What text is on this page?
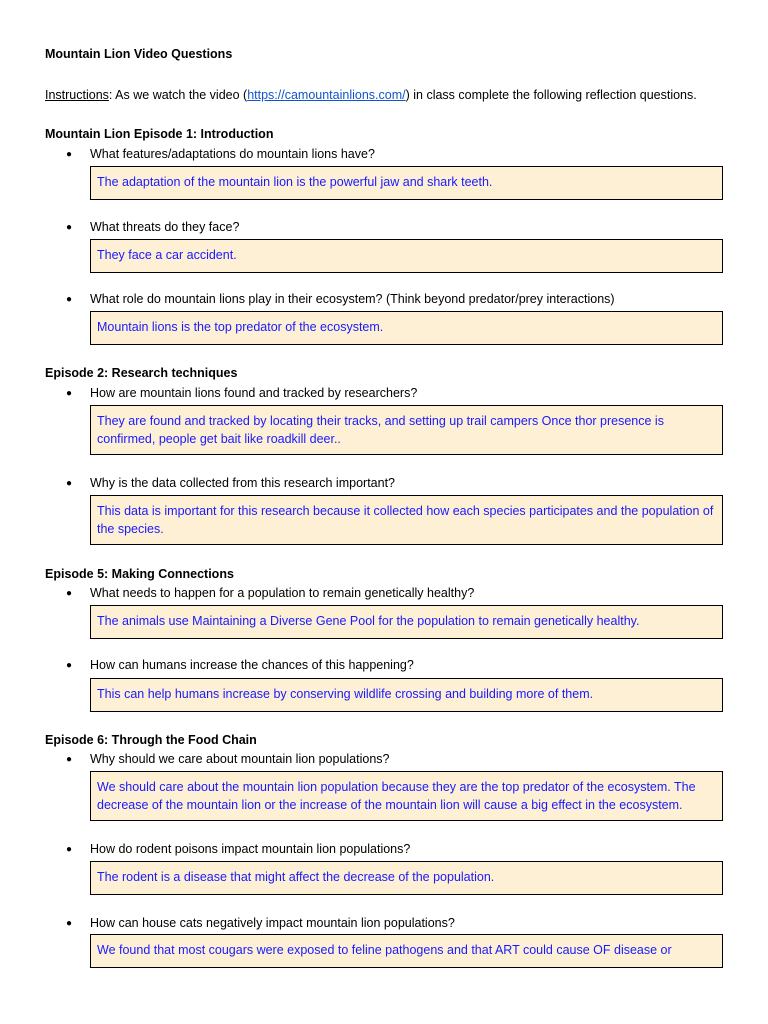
Mountain Lion Video Questions
Instructions: As we watch the video (https://camountainlions.com/) in class complete the following reflection questions.
Mountain Lion Episode 1: Introduction
● What features/adaptations do mountain lions have?
The adaptation of the mountain lion is the powerful jaw and shark teeth.
● What threats do they face?
They face a car accident.
● What role do mountain lions play in their ecosystem? (Think beyond predator/prey interactions)
Mountain lions is the top predator of the ecosystem.
Episode 2: Research techniques
● How are mountain lions found and tracked by researchers?
They are found and tracked by locating their tracks, and setting up trail campers Once thor presence is confirmed, people get bait like roadkill deer..
● Why is the data collected from this research important?
This data is important for this research because it collected how each species participates and the population of the species.
Episode 5: Making Connections
● What needs to happen for a population to remain genetically healthy?
The animals use Maintaining a Diverse Gene Pool for the population to remain genetically healthy.
● How can humans increase the chances of this happening?
This can help humans increase by conserving wildlife crossing and building more of them.
Episode 6: Through the Food Chain
● Why should we care about mountain lion populations?
We should care about the mountain lion population because they are the top predator of the ecosystem. The decrease of the mountain lion or the increase of the mountain lion will cause a big effect in the ecosystem.
● How do rodent poisons impact mountain lion populations?
The rodent is a disease that might affect the decrease of the population.
● How can house cats negatively impact mountain lion populations?
We found that most cougars were exposed to feline pathogens and that ART could cause OF disease or
